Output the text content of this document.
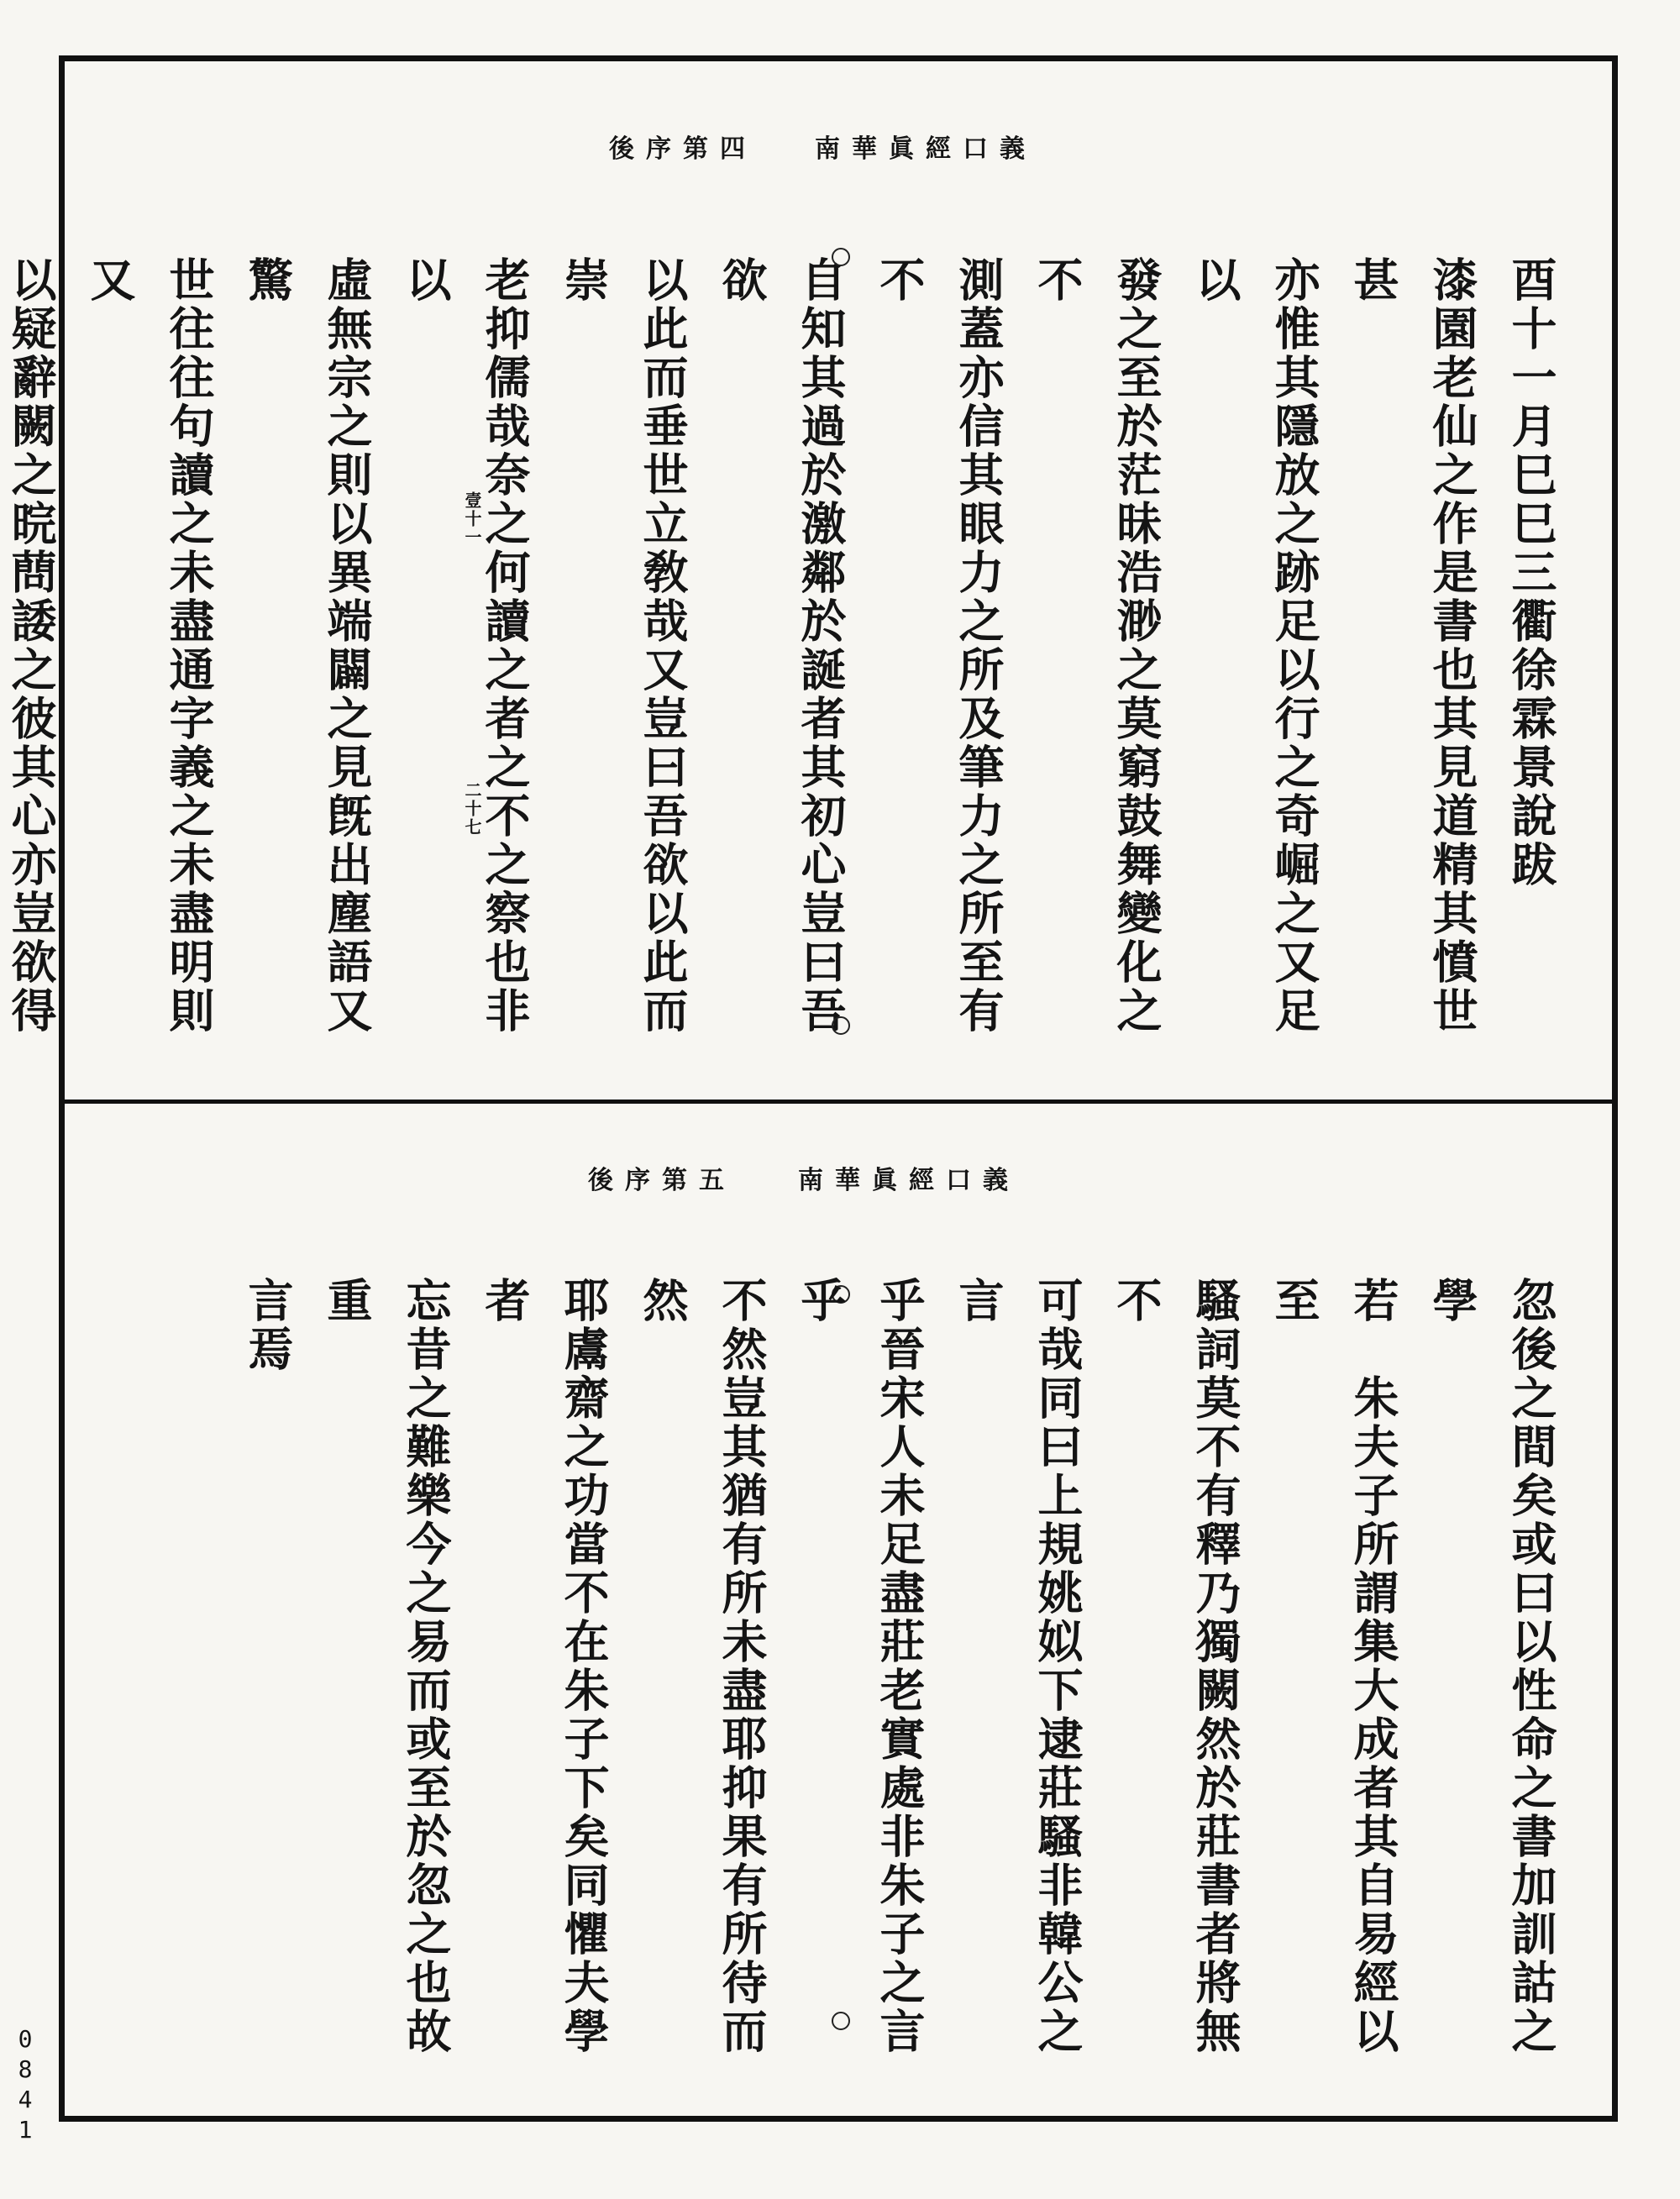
南華眞經口義
後序第四
酉十一月巳巳三衢徐霖景說跋
漆園老仙之作是書也其見道精其憤世甚
亦惟其隱放之跡足以行之奇崛之又足以
發之至於茫昧浩渺之莫窮鼓舞變化之不
測蓋亦信其眼力之所及筆力之所至有不
自知其過於激鄰於誕者其初心豈曰吾欲
以此而垂世立敎哉又豈曰吾欲以此而崇
老抑儒哉奈之何讀之者之不之察也非以
虛無宗之則以異端闢之見旣出塵語又驚
世往往句讀之未盡通字義之未盡明則又
以疑辭闕之晥蔄諉之彼其心亦豈欲得
壹十一
二十七
南華眞經口義
後序第五
忽後之間矣或曰以性命之書加訓詁之學
若　朱夫子所謂集大成者其自易經以至
騷詞莫不有釋乃獨闕然於莊書者將無不
可哉同曰上規姚姒下逮莊騷非韓公之言
乎晉宋人未足盡莊老實處非朱子之言乎
不然豈其猶有所未盡耶抑果有所待而然
耶鬳齋之功當不在朱子下矣同懼夫學者
忘昔之難樂今之易而或至於忽之也故重
言焉
0841
